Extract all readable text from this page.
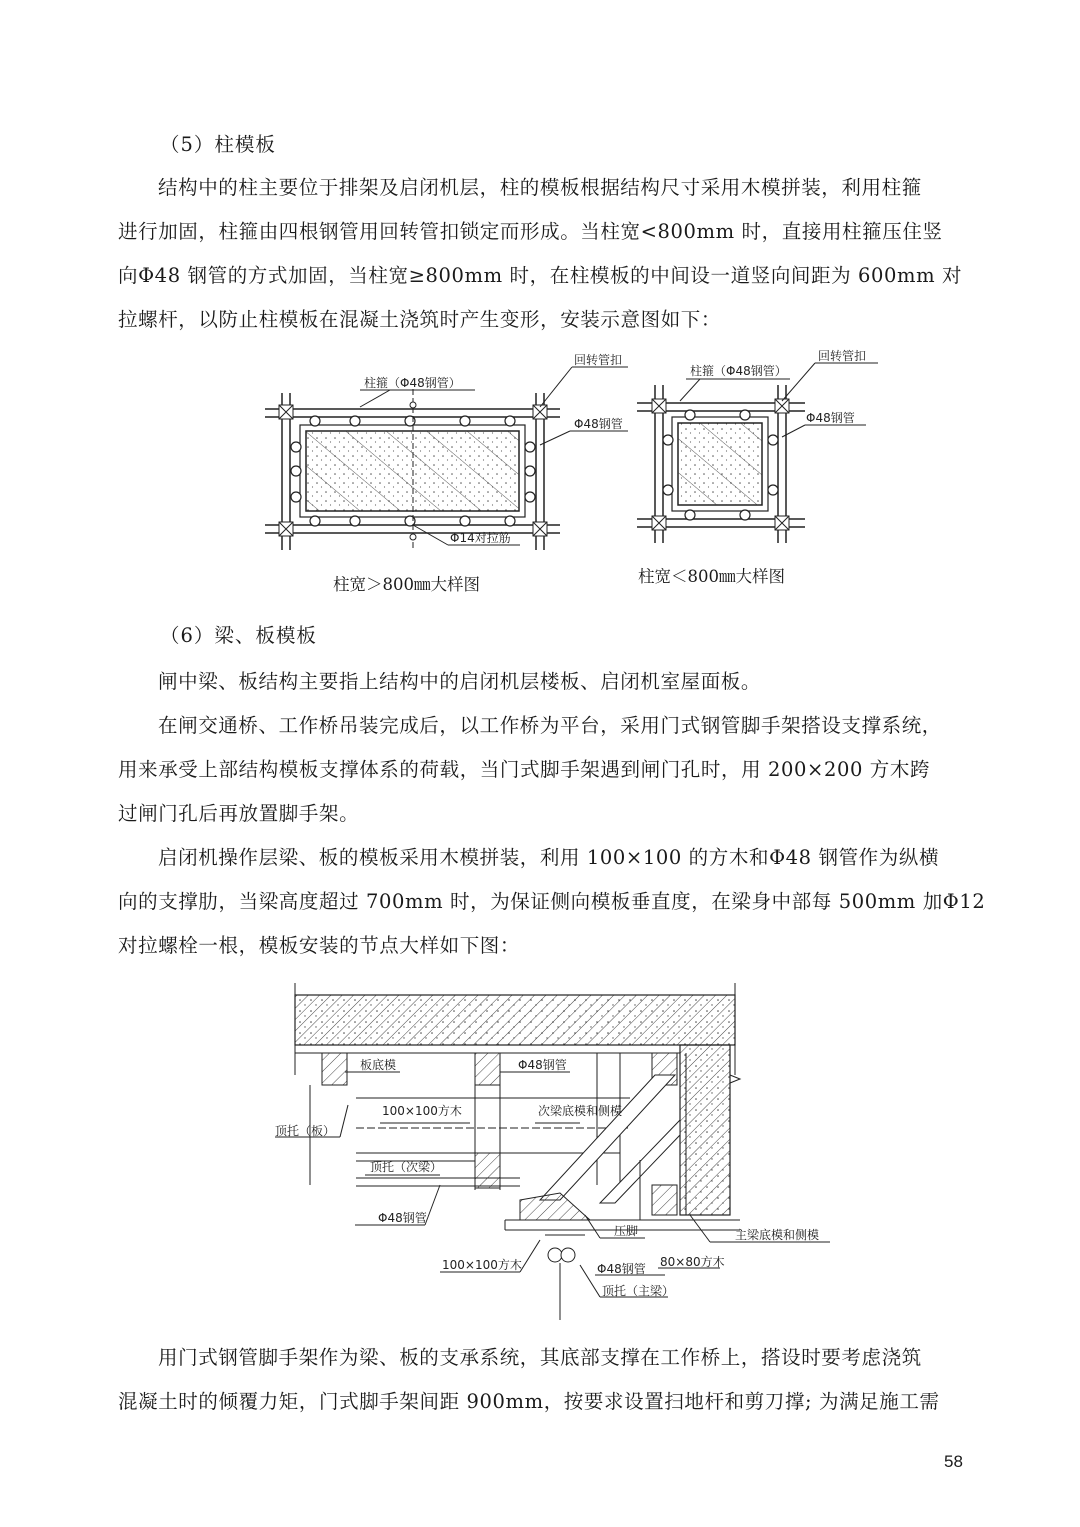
（5）柱模板
结构中的柱主要位于排架及启闭机层，柱的模板根据结构尺寸采用木模拼装，利用柱箍
进行加固，柱箍由四根钢管用回转管扣锁定而形成。当柱宽<800mm 时，直接用柱箍压住竖
向Φ48 钢管的方式加固，当柱宽≥800mm 时，在柱模板的中间设一道竖向间距为 600mm 对
拉螺杆，以防止柱模板在混凝土浇筑时产生变形，安装示意图如下：
柱箍（Φ48钢管）
回转管扣
Φ48钢管
Φ14对拉筋
柱箍（Φ48钢管）
回转管扣
Φ48钢管
柱宽＞800㎜大样图	柱宽＜800㎜大样图
（6）梁、板模板
闸中梁、板结构主要指上结构中的启闭机层楼板、启闭机室屋面板。
在闸交通桥、工作桥吊装完成后，以工作桥为平台，采用门式钢管脚手架搭设支撑系统，
用来承受上部结构模板支撑体系的荷载，当门式脚手架遇到闸门孔时，用 200×200 方木跨
过闸门孔后再放置脚手架。
启闭机操作层梁、板的模板采用木模拼装，利用 100×100 的方木和Φ48 钢管作为纵横
向的支撑肋，当梁高度超过 700mm 时，为保证侧向模板垂直度，在梁身中部每 500mm 加Φ12
对拉螺栓一根，模板安装的节点大样如下图：
板底模	Φ48钢管
100×100方木	次梁底模和侧模
顶托（板）
顶托（次梁）
Φ48钢管
压脚	主梁底模和侧模
100×100方木	Φ48钢管 80×80方木
顶托（主梁）
用门式钢管脚手架作为梁、板的支承系统，其底部支撑在工作桥上，搭设时要考虑浇筑
混凝土时的倾覆力矩，门式脚手架间距 900mm，按要求设置扫地杆和剪刀撑; 为满足施工需
58
